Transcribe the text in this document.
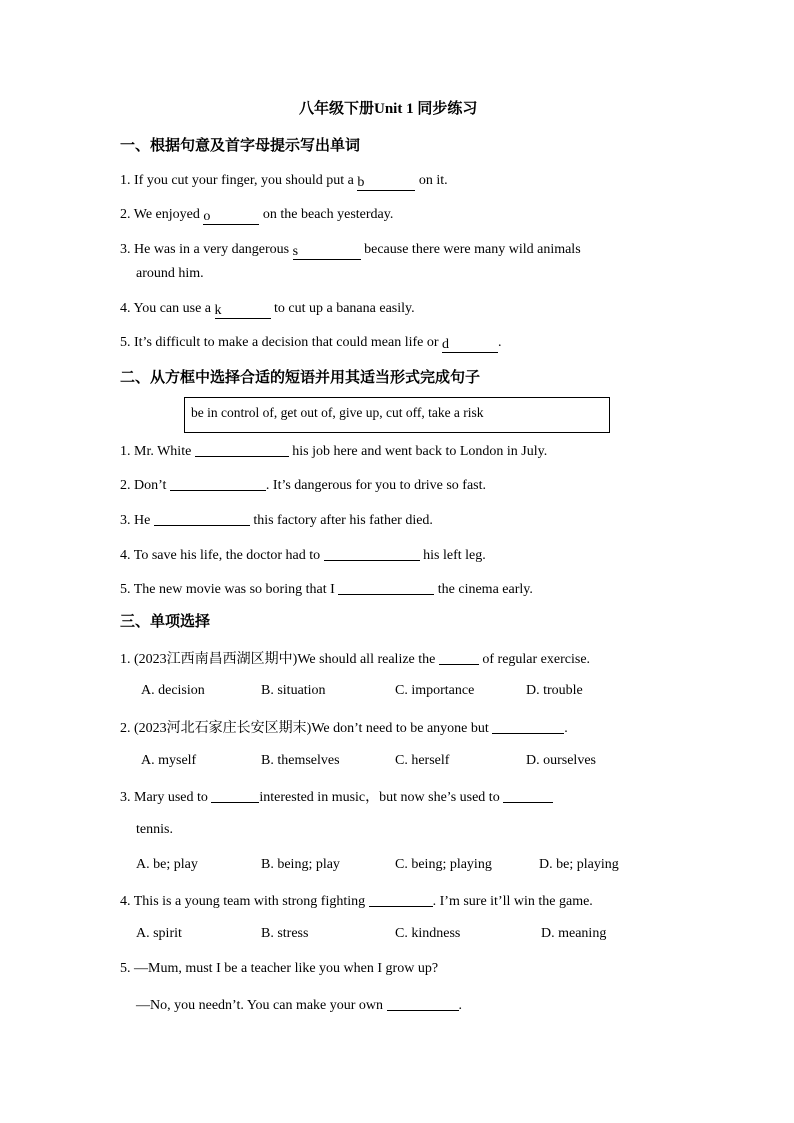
八年级下册Unit 1 同步练习
一、根据句意及首字母提示写出单词
1. If you cut your finger, you should put a b	on it.
2. We enjoyed o	on the beach yesterday.
3. He was in a very dangerous s	because there were many wild animals
around him.
4. You can use a k	to cut up a banana easily.
5. It’s difficult to make a decision that could mean life or d	.
二、从方框中选择合适的短语并用其适当形式完成句子
be in control of, get out of, give up, cut off, take a risk
1. Mr. White	his job here and went back to London in July.
2. Don’t	. It’s dangerous for you to drive so fast.
3. He	this factory after his father died.
4. To save his life, the doctor had to	his left leg.
5. The new movie was so boring that I	the cinema early.
三、单项选择
1. (2023江西南昌西湖区期中)We should all realize the	of regular exercise.
A. decision	B. situation	C. importance	D. trouble
2. (2023河北石家庄长安区期末)We don’t need to be anyone but	.
A. myself	B. themselves	C. herself	D. ourselves
3. Mary used to	interested in music，but now she’s used to
tennis.
A. be; play	B. being; play	C. being; playing	D. be; playing
4. This is a young team with strong fighting	. I’m sure it’ll win the game.
A. spirit	B. stress	C. kindness	D. meaning
5. —Mum, must I be a teacher like you when I grow up?
—No, you needn’t. You can make your own	.
